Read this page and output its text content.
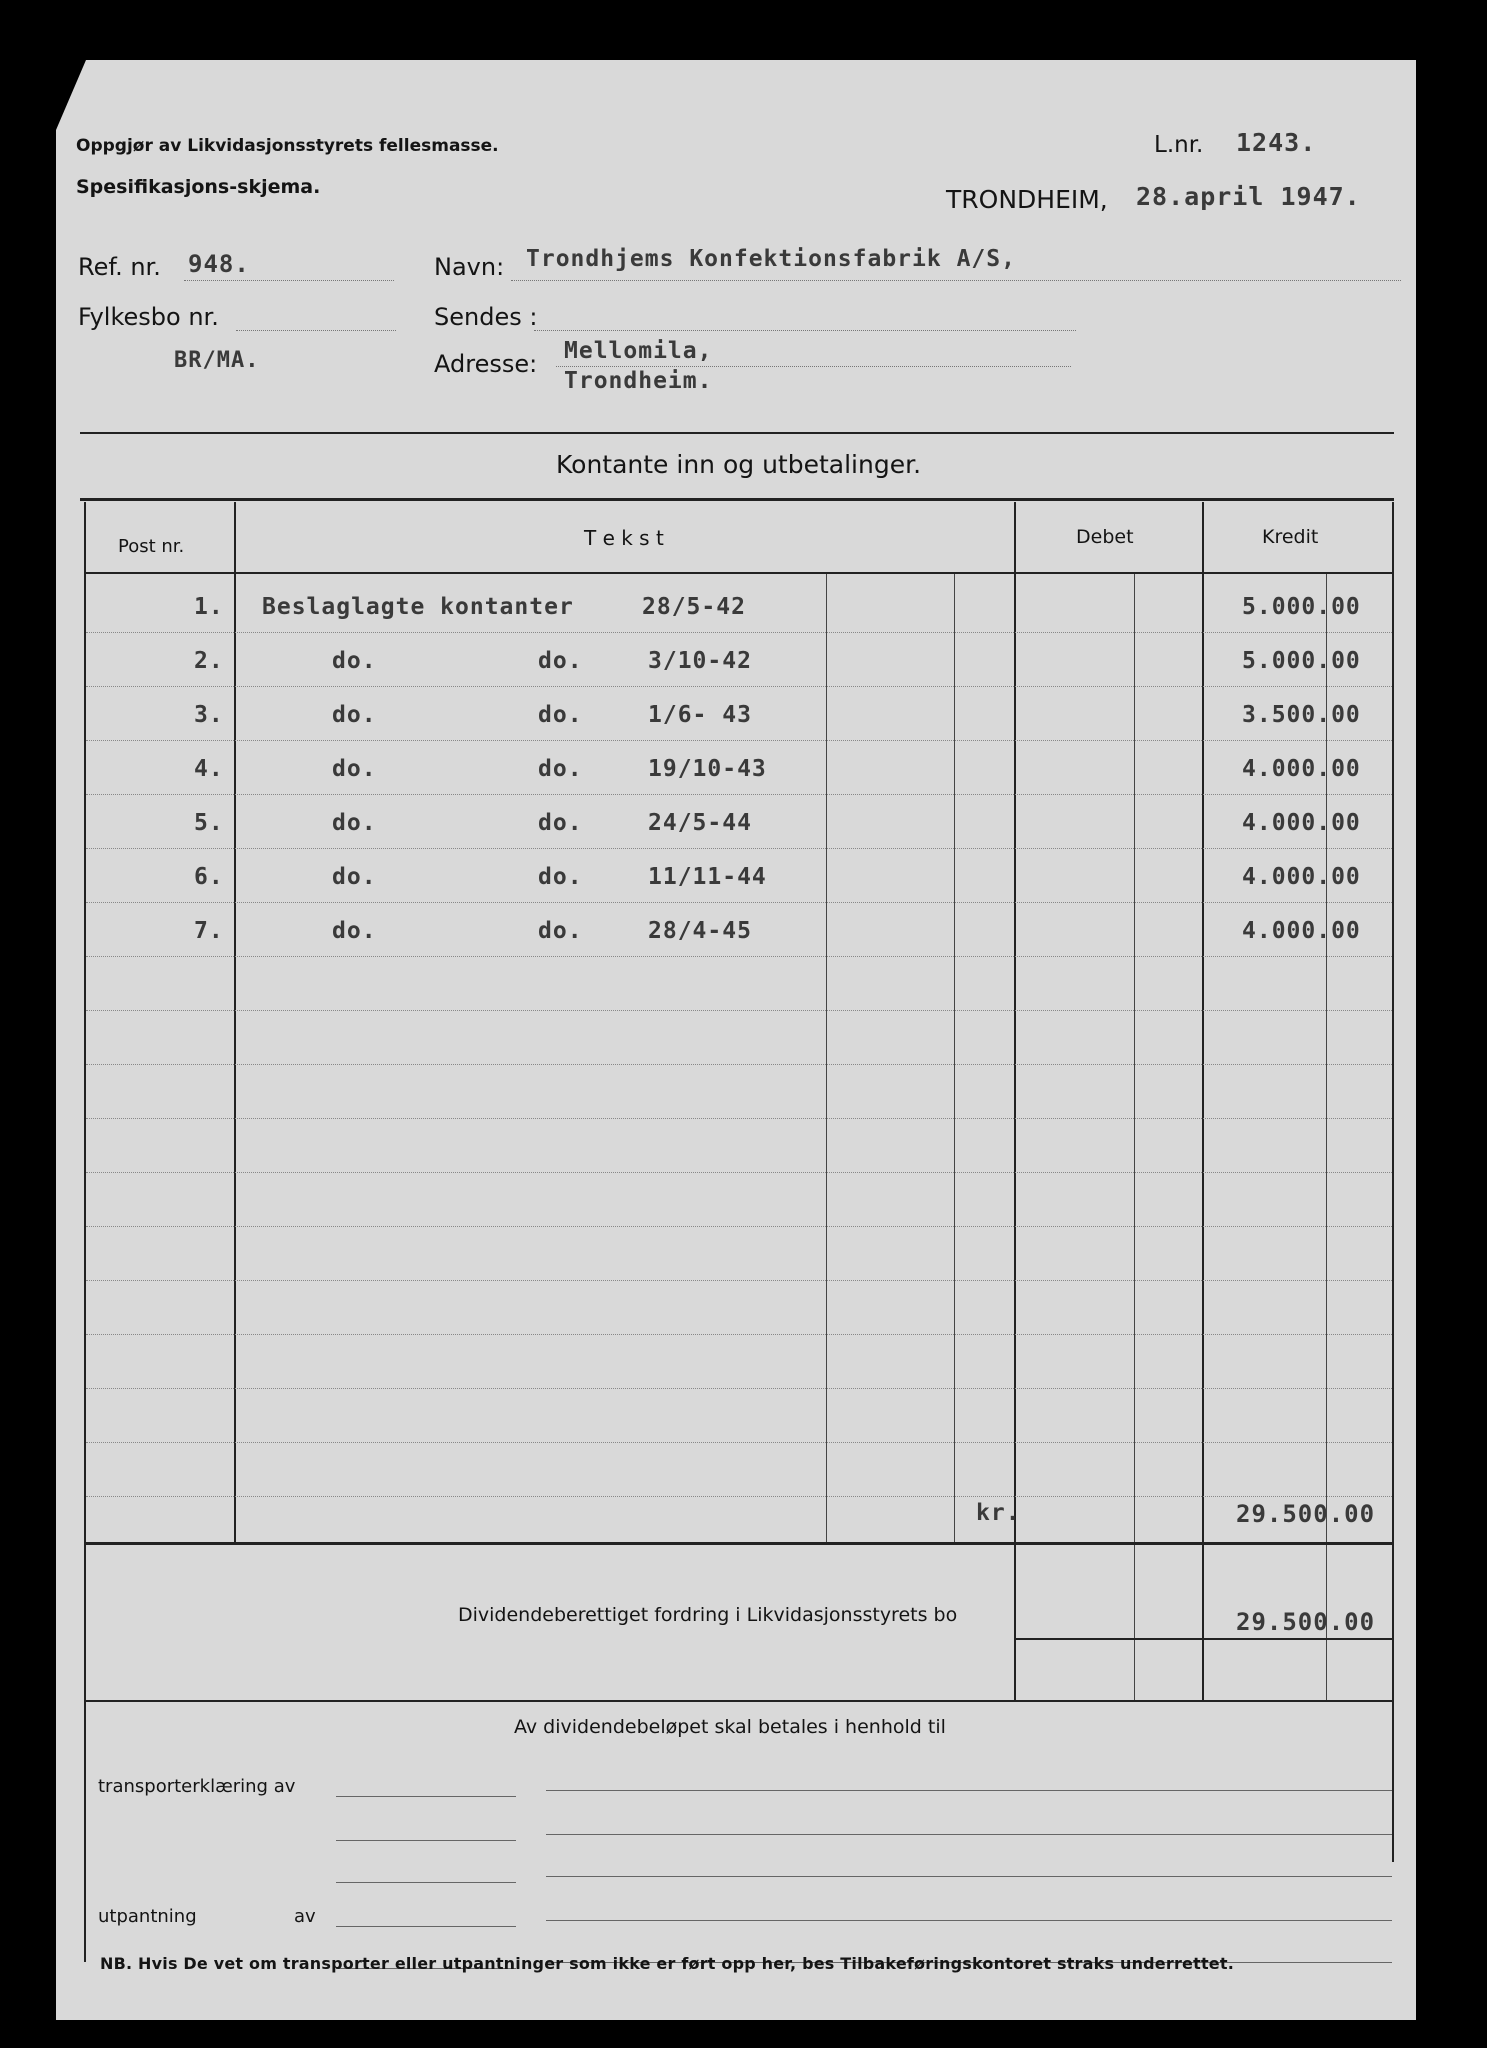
Oppgjør av Likvidasjonsstyrets fellesmasse.
Spesifikasjons-skjema.
L.nr. 1243.
TRONDHEIM, 28.april 1947.
Ref. nr. 948.
Fylkesbo nr.
BR/MA.
Navn: Trondhjems Konfektionsfabrik A/S,
Sendes :
Adresse: Mellomila,
Trondheim.
Kontante inn og utbetalinger.
Post nr.	T e k s t	Debet	Kredit
1. Beslaglagte kontanter	28/5-42	5.000.00
2.	do.	do.	3/10-42	5.000.00
3.	do.	do.	1/6- 43	3.500.00
4.	do.	do.	19/10-43	4.000.00
5.	do.	do.	24/5-44	4.000.00
6.	do.	do.	11/11-44	4.000.00
7.	do.	do.	28/4-45	4.000.00
kr.	29.500.00
Dividendeberettiget fordring i Likvidasjonsstyrets bo	29.500.00
Av dividendebeløpet skal betales i henhold til
transporterklæring av
utpantning	av
NB. Hvis De vet om transporter eller utpantninger som ikke er ført opp her, bes Tilbakeføringskontoret straks underrettet.
